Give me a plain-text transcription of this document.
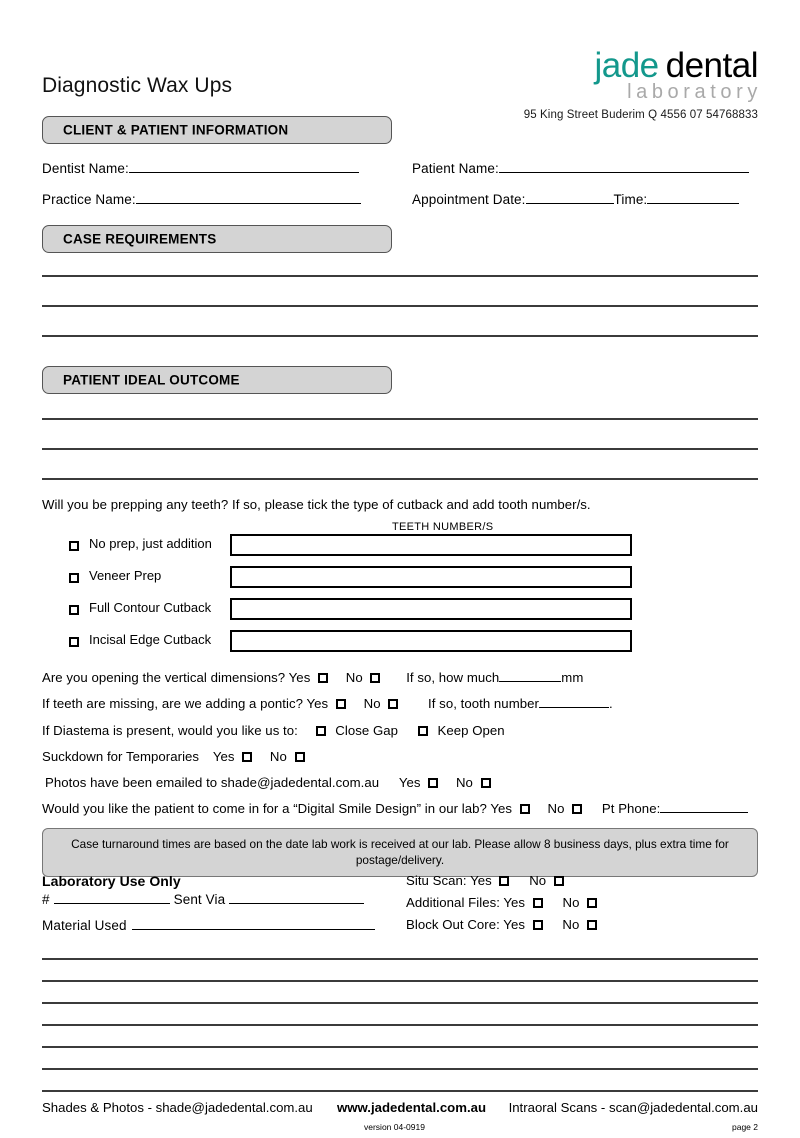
Diagnostic Wax Ups
jade dental
laboratory
95 King Street Buderim Q 4556 07 54768833
CLIENT & PATIENT INFORMATION
Dentist Name:
Practice Name:
Patient Name:
Appointment Date:	Time:
CASE REQUIREMENTS
PATIENT IDEAL OUTCOME
Will you be prepping any teeth? If so, please tick the type of cutback and add tooth number/s.
TEETH NUMBER/S
No prep, just addition
Veneer Prep
Full Contour Cutback
Incisal Edge Cutback
Are you opening the vertical dimensions? Yes	No	If so, how much	mm
If teeth are missing, are we adding a pontic? Yes	No	If so, tooth number	.
If Diastema is present, would you like us to:	Close Gap	Keep Open
Suckdown for Temporaries Yes	No
Photos have been emailed to shade@jadedental.com.au Yes	No
Would you like the patient to come in for a “Digital Smile Design” in our lab? Yes	No	Pt Phone:
Case turnaround times are based on the date lab work is received at our lab. Please allow 8 business days, plus extra time for postage/delivery.
Laboratory Use Only
#	Sent Via
Material Used
Situ Scan: Yes	No
Additional Files: Yes	No
Block Out Core: Yes	No
Shades & Photos - shade@jadedental.com.au www.jadedental.com.au Intraoral Scans - scan@jadedental.com.au
version 04-0919	page 2
